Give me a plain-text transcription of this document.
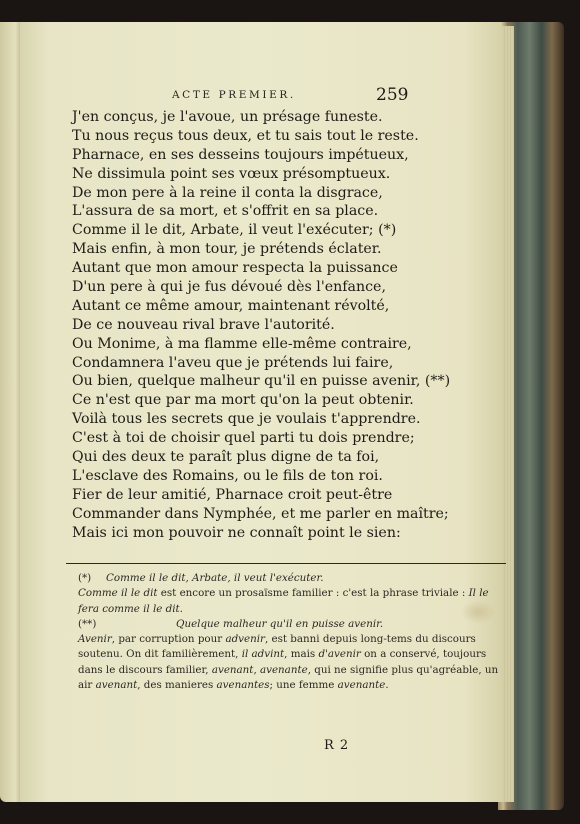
ACTE PREMIER.	259
J'en conçus, je l'avoue, un présage funeste.
Tu nous reçus tous deux, et tu sais tout le reste.
Pharnace, en ses desseins toujours impétueux,
Ne dissimula point ses vœux présomptueux.
De mon pere à la reine il conta la disgrace,
L'assura de sa mort, et s'offrit en sa place.
Comme il le dit, Arbate, il veut l'exécuter; (*)
Mais enfin, à mon tour, je prétends éclater.
Autant que mon amour respecta la puissance
D'un pere à qui je fus dévoué dès l'enfance,
Autant ce même amour, maintenant révolté,
De ce nouveau rival brave l'autorité.
Ou Monime, à ma flamme elle-même contraire,
Condamnera l'aveu que je prétends lui faire,
Ou bien, quelque malheur qu'il en puisse avenir, (**)
Ce n'est que par ma mort qu'on la peut obtenir.
Voilà tous les secrets que je voulais t'apprendre.
C'est à toi de choisir quel parti tu dois prendre;
Qui des deux te paraît plus digne de ta foi,
L'esclave des Romains, ou le fils de ton roi.
Fier de leur amitié, Pharnace croit peut-être
Commander dans Nymphée, et me parler en maître;
Mais ici mon pouvoir ne connaît point le sien:

(*) Comme il le dit, Arbate, il veut l'exécuter.

Comme il le dit est encore un prosaïsme familier : c'est la phrase triviale : Il le fera comme il le dit.

(**)	Quelque malheur qu'il en puisse avenir.

Avenir, par corruption pour advenir, est banni depuis long-tems du discours soutenu. On dit familièrement, il advint, mais d'avenir on a conservé, toujours dans le discours familier, avenant, avenante, qui ne signifie plus qu'agréable, un air avenant, des manieres avenantes; une femme avenante.

R 2
